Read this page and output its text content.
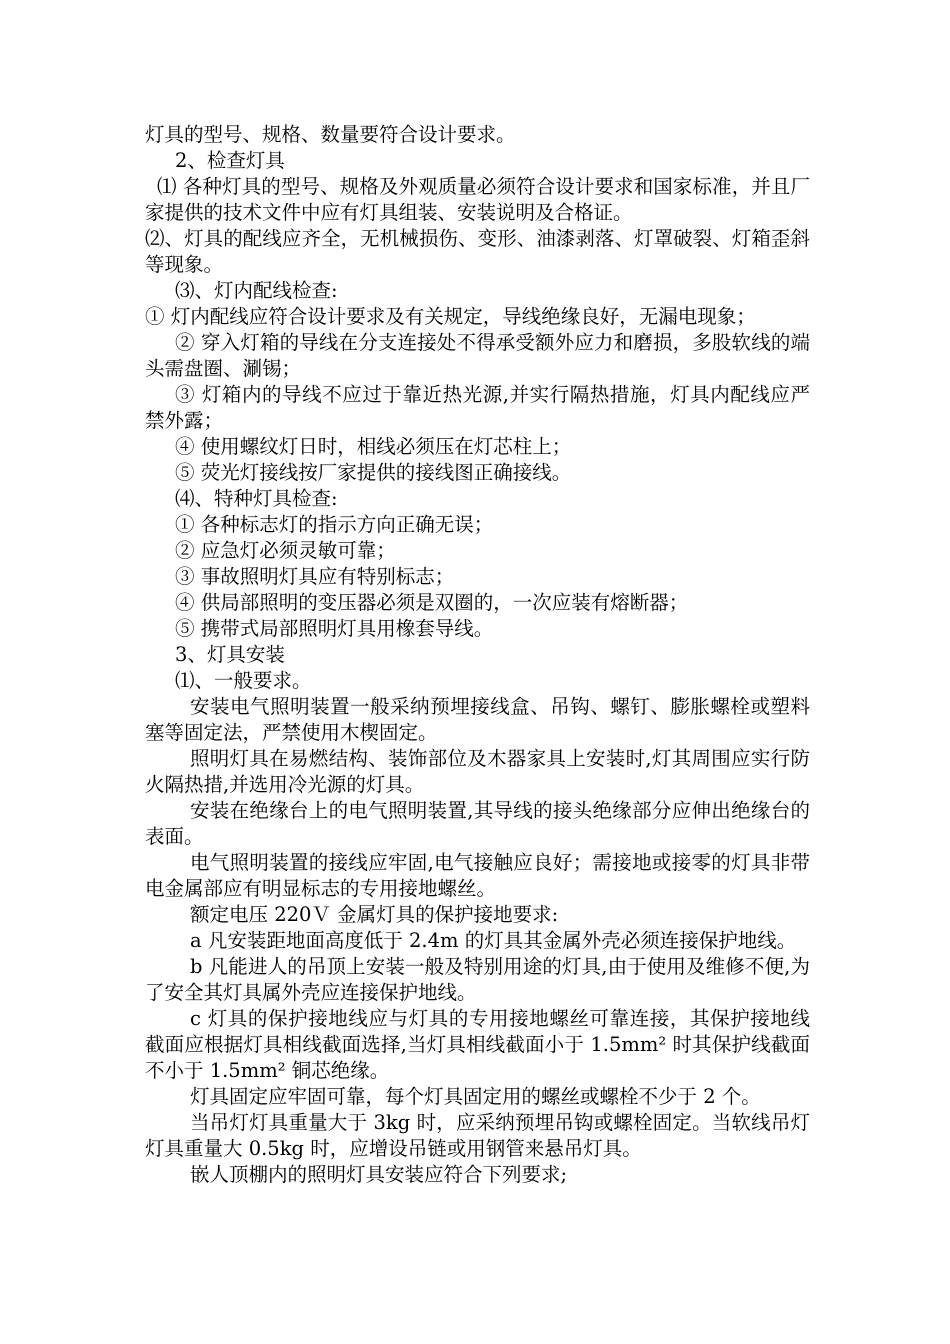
灯具的型号、规格、数量要符合设计要求。

2、检查灯具

⑴ 各种灯具的型号、规格及外观质量必须符合设计要求和国家标准，并且厂家提供的技术文件中应有灯具组装、安装说明及合格证。

⑵、灯具的配线应齐全，无机械损伤、变形、油漆剥落、灯罩破裂、灯箱歪斜等现象。

⑶、灯内配线检查:

① 灯内配线应符合设计要求及有关规定，导线绝缘良好，无漏电现象；

② 穿入灯箱的导线在分支连接处不得承受额外应力和磨损，多股软线的端头需盘圈、涮锡；

③ 灯箱内的导线不应过于靠近热光源,并实行隔热措施，灯具内配线应严禁外露；

④ 使用螺纹灯日时，相线必须压在灯芯柱上；

⑤ 荧光灯接线按厂家提供的接线图正确接线。

⑷、特种灯具检查:

① 各种标志灯的指示方向正确无误；

② 应急灯必须灵敏可靠；

③ 事故照明灯具应有特别标志；

④ 供局部照明的变压器必须是双圈的，一次应装有熔断器；

⑤ 携带式局部照明灯具用橡套导线。

3、灯具安装

⑴、一般要求。

安装电气照明装置一般采纳预埋接线盒、吊钩、螺钉、膨胀螺栓或塑料塞等固定法，严禁使用木楔固定。

照明灯具在易燃结构、装饰部位及木器家具上安装时,灯其周围应实行防火隔热措,并选用冷光源的灯具。

安装在绝缘台上的电气照明装置,其导线的接头绝缘部分应伸出绝缘台的表面。

电气照明装置的接线应牢固,电气接触应良好；需接地或接零的灯具非带电金属部应有明显标志的专用接地螺丝。

额定电压 220Ｖ 金属灯具的保护接地要求:

a 凡安装距地面高度低于 2.4m 的灯具其金属外壳必须连接保护地线。

b 凡能进人的吊顶上安装一般及特别用途的灯具,由于使用及维修不便,为了安全其灯具属外壳应连接保护地线。

c 灯具的保护接地线应与灯具的专用接地螺丝可靠连接，其保护接地线截面应根据灯具相线截面选择,当灯具相线截面小于 1.5mm² 时其保护线截面不小于 1.5mm² 铜芯绝缘。

灯具固定应牢固可靠，每个灯具固定用的螺丝或螺栓不少于 2 个。

当吊灯灯具重量大于 3kg 时，应采纳预埋吊钩或螺栓固定。当软线吊灯灯具重量大 0.5kg 时，应增设吊链或用钢管来悬吊灯具。

嵌人顶棚内的照明灯具安装应符合下列要求;
